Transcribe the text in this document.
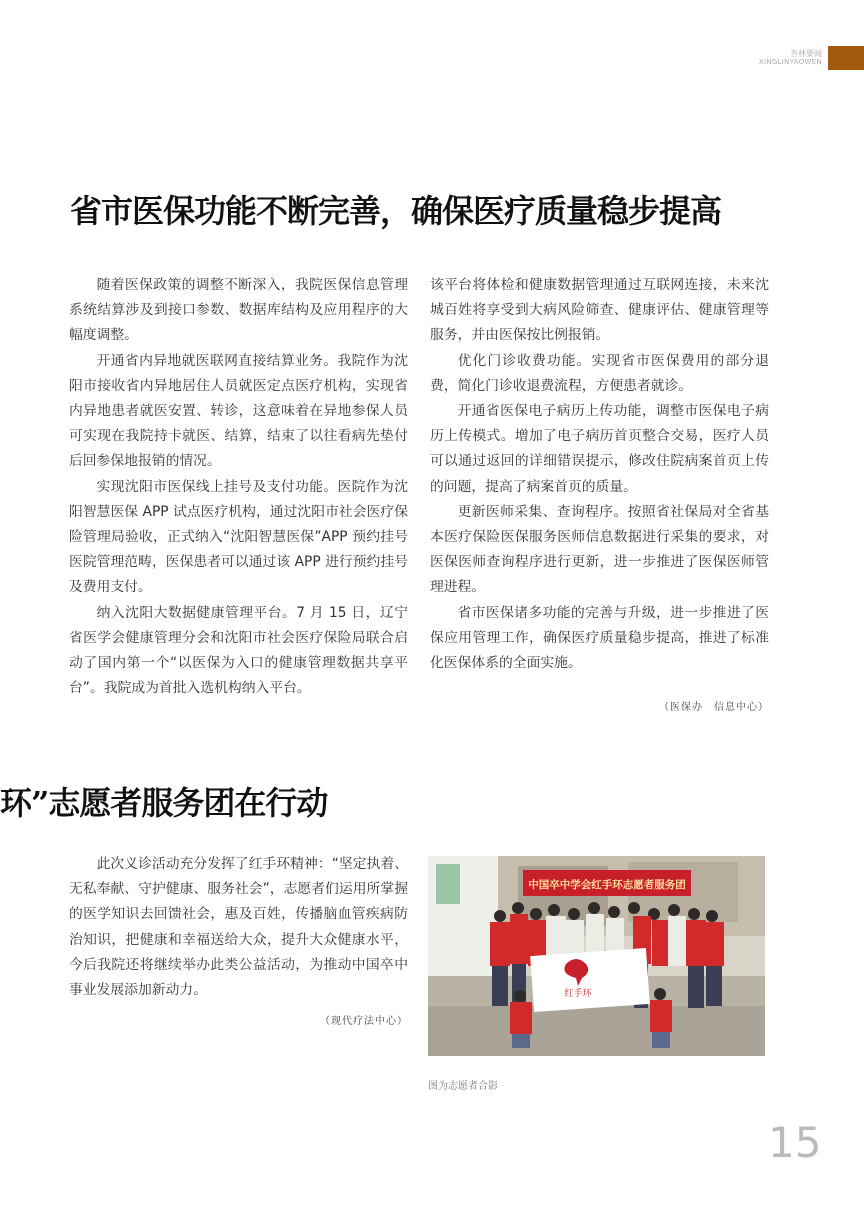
杏林要闻
XINGLINYAOWEN
省市医保功能不断完善，确保医疗质量稳步提高

随着医保政策的调整不断深入，我院医保信息管理系统结算涉及到接口参数、数据库结构及应用程序的大幅度调整。

开通省内异地就医联网直接结算业务。我院作为沈阳市接收省内异地居住人员就医定点医疗机构，实现省内异地患者就医安置、转诊，这意味着在异地参保人员可实现在我院持卡就医、结算，结束了以往看病先垫付后回参保地报销的情况。

实现沈阳市医保线上挂号及支付功能。医院作为沈阳智慧医保 APP 试点医疗机构，通过沈阳市社会医疗保险管理局验收，正式纳入“沈阳智慧医保”APP 预约挂号医院管理范畴，医保患者可以通过该 APP 进行预约挂号及费用支付。

纳入沈阳大数据健康管理平台。7 月 15 日，辽宁省医学会健康管理分会和沈阳市社会医疗保险局联合启动了国内第一个“以医保为入口的健康管理数据共享平台”。我院成为首批入选机构纳入平台。

该平台将体检和健康数据管理通过互联网连接，未来沈城百姓将享受到大病风险筛查、健康评估、健康管理等服务，并由医保按比例报销。

优化门诊收费功能。实现省市医保费用的部分退费，简化门诊收退费流程，方便患者就诊。

开通省医保电子病历上传功能，调整市医保电子病历上传模式。增加了电子病历首页整合交易，医疗人员可以通过返回的详细错误提示，修改住院病案首页上传的问题，提高了病案首页的质量。

更新医师采集、查询程序。按照省社保局对全省基本医疗保险医保服务医师信息数据进行采集的要求，对医保医师查询程序进行更新，进一步推进了医保医师管理进程。

省市医保诸多功能的完善与升级，进一步推进了医保应用管理工作，确保医疗质量稳步提高，推进了标准化医保体系的全面实施。

（医保办　信息中心）
环”志愿者服务团在行动

此次义诊活动充分发挥了红手环精神：“坚定执着、无私奉献、守护健康、服务社会”，志愿者们运用所掌握的医学知识去回馈社会，惠及百姓，传播脑血管疾病防治知识，把健康和幸福送给大众，提升大众健康水平，今后我院还将继续举办此类公益活动，为推动中国卒中事业发展添加新动力。

（现代疗法中心）
中国卒中学会红手环志愿者服务团
红手环
图为志愿者合影
15
